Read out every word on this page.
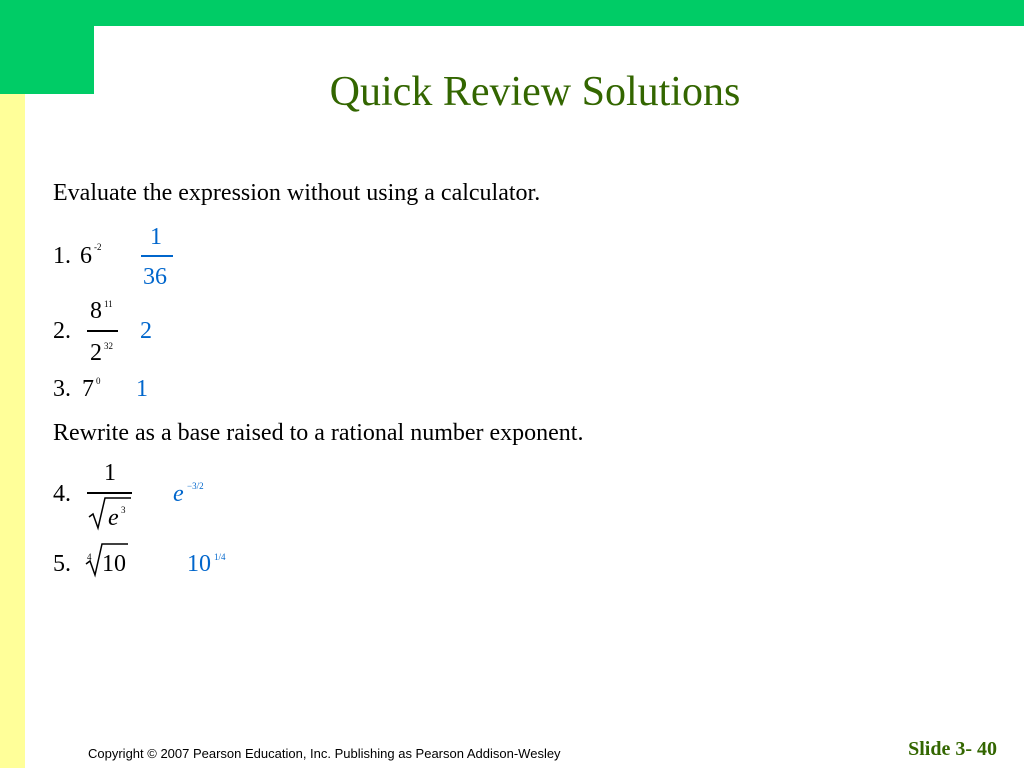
Quick Review Solutions
Evaluate the expression without using a calculator.
1. 6 -2 1
36
2.
8 11
2 32
2
3. 7 0 1
Rewrite as a base raised to a rational number exponent.
4.
1
e 3
e −3/2
5. 4 10	10 1/4
Copyright © 2007 Pearson Education, Inc. Publishing as Pearson Addison-Wesley	Slide 3- 40
